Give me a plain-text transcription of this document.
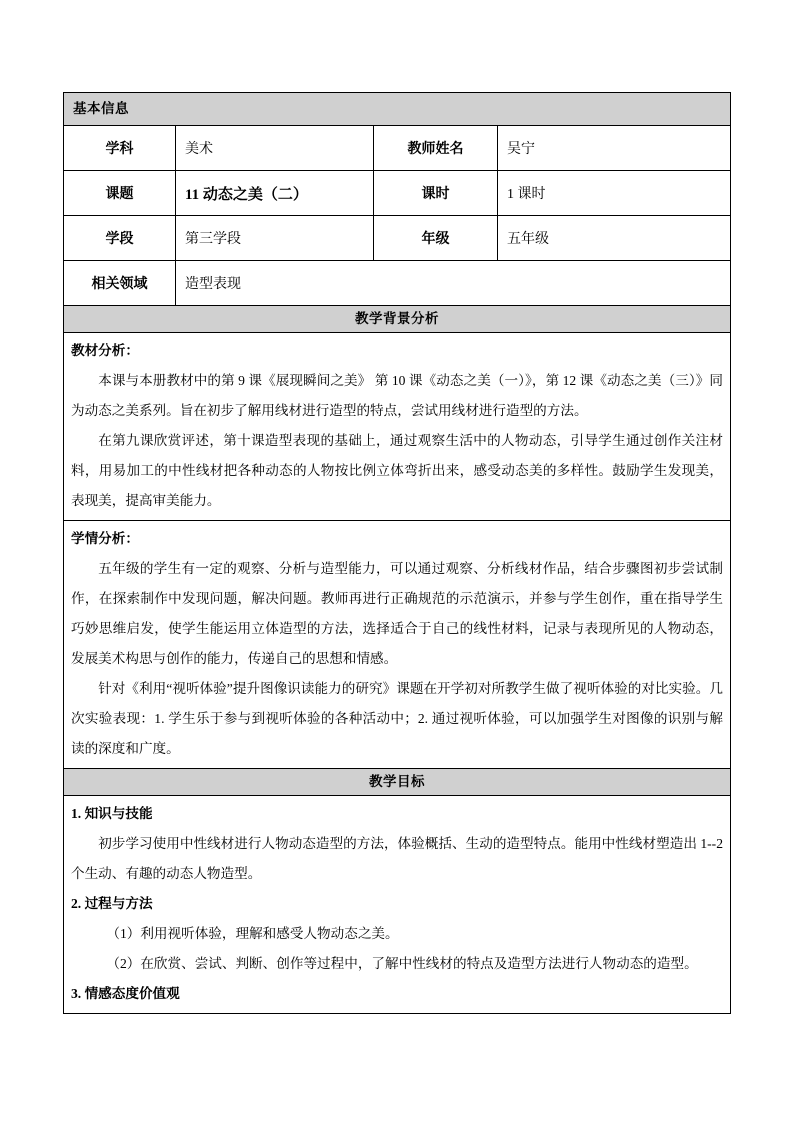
基本信息			
学科	美术	教师姓名	吴宁
课题	11 动态之美（二）	课时	1 课时
学段	第三学段	年级	五年级
相关领域	造型表现		
教学背景分析			

教材分析：

本课与本册教材中的第 9 课《展现瞬间之美》 第 10 课《动态之美（一）》，第 12 课《动态之美（三）》同为动态之美系列。旨在初步了解用线材进行造型的特点，尝试用线材进行造型的方法。

在第九课欣赏评述，第十课造型表现的基础上，通过观察生活中的人物动态，引导学生通过创作关注材料，用易加工的中性线材把各种动态的人物按比例立体弯折出来，感受动态美的多样性。鼓励学生发现美，表现美，提高审美能力。			

学情分析：

五年级的学生有一定的观察、分析与造型能力，可以通过观察、分析线材作品，结合步骤图初步尝试制作，在探索制作中发现问题，解决问题。教师再进行正确规范的示范演示，并参与学生创作，重在指导学生巧妙思维启发，使学生能运用立体造型的方法，选择适合于自己的线性材料，记录与表现所见的人物动态，发展美术构思与创作的能力，传递自己的思想和情感。

针对《利用“视听体验”提升图像识读能力的研究》课题在开学初对所教学生做了视听体验的对比实验。几次实验表现：1. 学生乐于参与到视听体验的各种活动中；2. 通过视听体验，可以加强学生对图像的识别与解读的深度和广度。			

教学目标			

1. 知识与技能

初步学习使用中性线材进行人物动态造型的方法，体验概括、生动的造型特点。能用中性线材塑造出 1--2 个生动、有趣的动态人物造型。

2. 过程与方法

（1）利用视听体验，理解和感受人物动态之美。

（2）在欣赏、尝试、判断、创作等过程中，了解中性线材的特点及造型方法进行人物动态的造型。

3. 情感态度价值观
